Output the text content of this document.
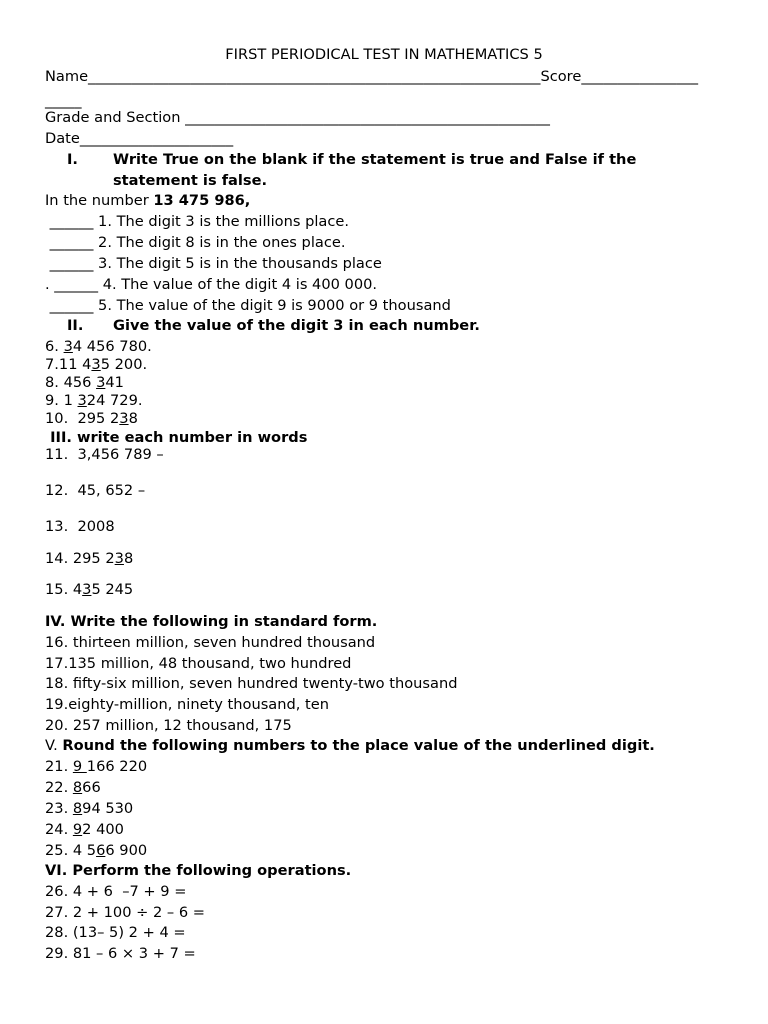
FIRST PERIODICAL TEST IN MATHEMATICS 5
Name______________________________________________________________Score________________
_____
Grade and Section __________________________________________________
Date_____________________
I. Write True on the blank if the statement is true and False if the
statement is false.
In the number 13 475 986,
______ 1. The digit 3 is the millions place.
______ 2. The digit 8 is in the ones place.
______ 3. The digit 5 is in the thousands place
. ______ 4. The value of the digit 4 is 400 000.
______ 5. The value of the digit 9 is 9000 or 9 thousand
II. Give the value of the digit 3 in each number.
6. 34 456 780.
7.11 435 200.
8. 456 341
9. 1 324 729.
10.  295 238
III. write each number in words
11.  3,456 789 –
12.  45, 652 –
13.  2008
14. 295 238
15. 435 245
IV. Write the following in standard form.
16. thirteen million, seven hundred thousand
17.135 million, 48 thousand, two hundred
18. fifty-six million, seven hundred twenty-two thousand
19.eighty-million, ninety thousand, ten
20. 257 million, 12 thousand, 175
V. Round the following numbers to the place value of the underlined digit.
21. 9 166 220
22. 866
23. 894 530
24. 92 400
25. 4 566 900
VI. Perform the following operations.
26. 4 + 6  –7 + 9 =
27. 2 + 100 ÷ 2 – 6 =
28. (13– 5) 2 + 4 =
29. 81 – 6 × 3 + 7 =
